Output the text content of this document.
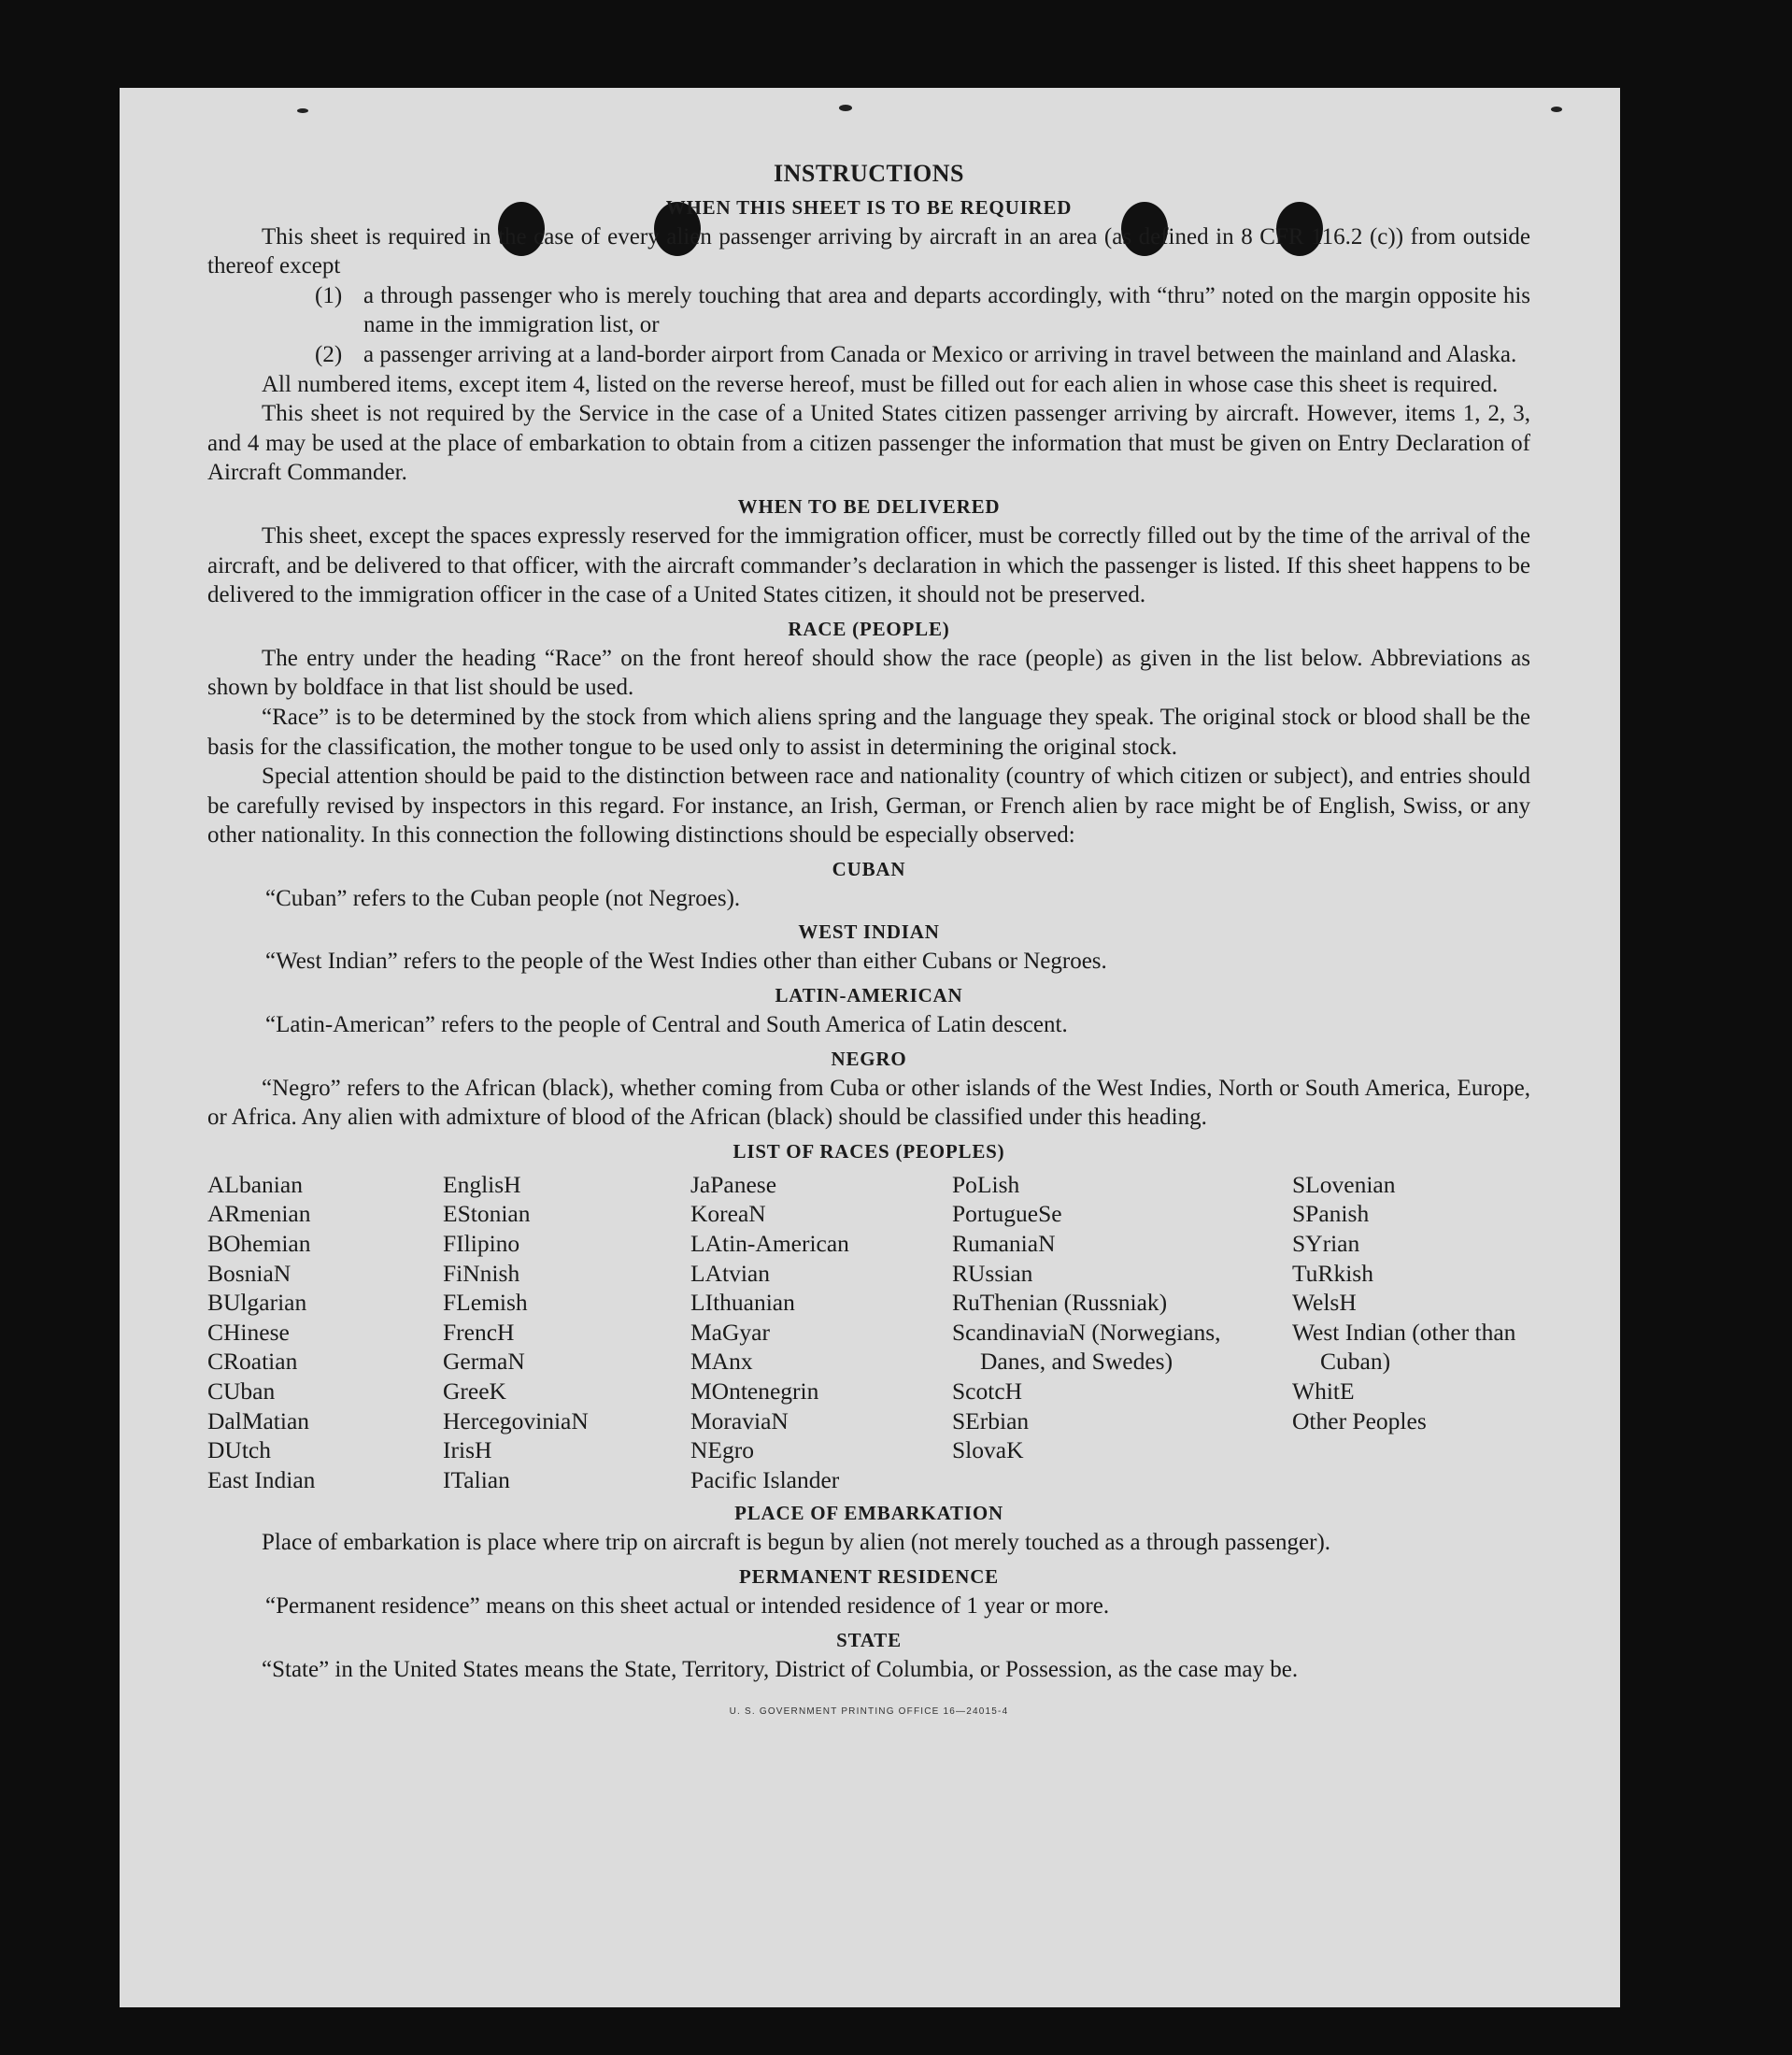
INSTRUCTIONS
WHEN THIS SHEET IS TO BE REQUIRED

This sheet is required in the case of every alien passenger arriving by aircraft in an area (as defined in 8 CFR 116.2 (c)) from outside thereof except

(1) a through passenger who is merely touching that area and departs accordingly, with “thru” noted on the margin opposite his name in the immigration list, or
(2) a passenger arriving at a land-border airport from Canada or Mexico or arriving in travel between the mainland and Alaska.

All numbered items, except item 4, listed on the reverse hereof, must be filled out for each alien in whose case this sheet is required.

This sheet is not required by the Service in the case of a United States citizen passenger arriving by aircraft. However, items 1, 2, 3, and 4 may be used at the place of embarkation to obtain from a citizen passenger the information that must be given on Entry Declaration of Aircraft Commander.

WHEN TO BE DELIVERED

This sheet, except the spaces expressly reserved for the immigration officer, must be correctly filled out by the time of the arrival of the aircraft, and be delivered to that officer, with the aircraft commander’s declaration in which the passenger is listed. If this sheet happens to be delivered to the immigration officer in the case of a United States citizen, it should not be preserved.

RACE (PEOPLE)

The entry under the heading “Race” on the front hereof should show the race (people) as given in the list below. Abbreviations as shown by boldface in that list should be used.

“Race” is to be determined by the stock from which aliens spring and the language they speak. The original stock or blood shall be the basis for the classification, the mother tongue to be used only to assist in determining the original stock.

Special attention should be paid to the distinction between race and nationality (country of which citizen or subject), and entries should be carefully revised by inspectors in this regard. For instance, an Irish, German, or French alien by race might be of English, Swiss, or any other nationality. In this connection the following distinctions should be especially observed:

CUBAN

“Cuban” refers to the Cuban people (not Negroes).

WEST INDIAN

“West Indian” refers to the people of the West Indies other than either Cubans or Negroes.

LATIN-AMERICAN

“Latin-American” refers to the people of Central and South America of Latin descent.

NEGRO

“Negro” refers to the African (black), whether coming from Cuba or other islands of the West Indies, North or South America, Europe, or Africa. Any alien with admixture of blood of the African (black) should be classified under this heading.

LIST OF RACES (PEOPLES)
ALbanian
ARmenian
BOhemian
BosniaN
BUlgarian
CHinese
CRoatian
CUban
DalMatian
DUtch
East Indian
EnglisH
EStonian
FIlipino
FiNnish
FLemish
FrencH
GermaN
GreeK
HercegoviniaN
IrisH
ITalian
JaPanese
KoreaN
LAtin-American
LAtvian
LIthuanian
MaGyar
MAnx
MOntenegrin
MoraviaN
NEgro
Pacific Islander
PoLish
PortugueSe
RumaniaN
RUssian
RuThenian (Russniak)
ScandinaviaN (Norwegians, Danes, and Swedes)
ScotcH
SErbian
SlovaK
SLovenian
SPanish
SYrian
TuRkish
WelsH
West Indian (other than Cuban)
WhitE
Other Peoples
PLACE OF EMBARKATION

Place of embarkation is place where trip on aircraft is begun by alien (not merely touched as a through passenger).

PERMANENT RESIDENCE

“Permanent residence” means on this sheet actual or intended residence of 1 year or more.

STATE

“State” in the United States means the State, Territory, District of Columbia, or Possession, as the case may be.

U. S. GOVERNMENT PRINTING OFFICE 16—24015-4
